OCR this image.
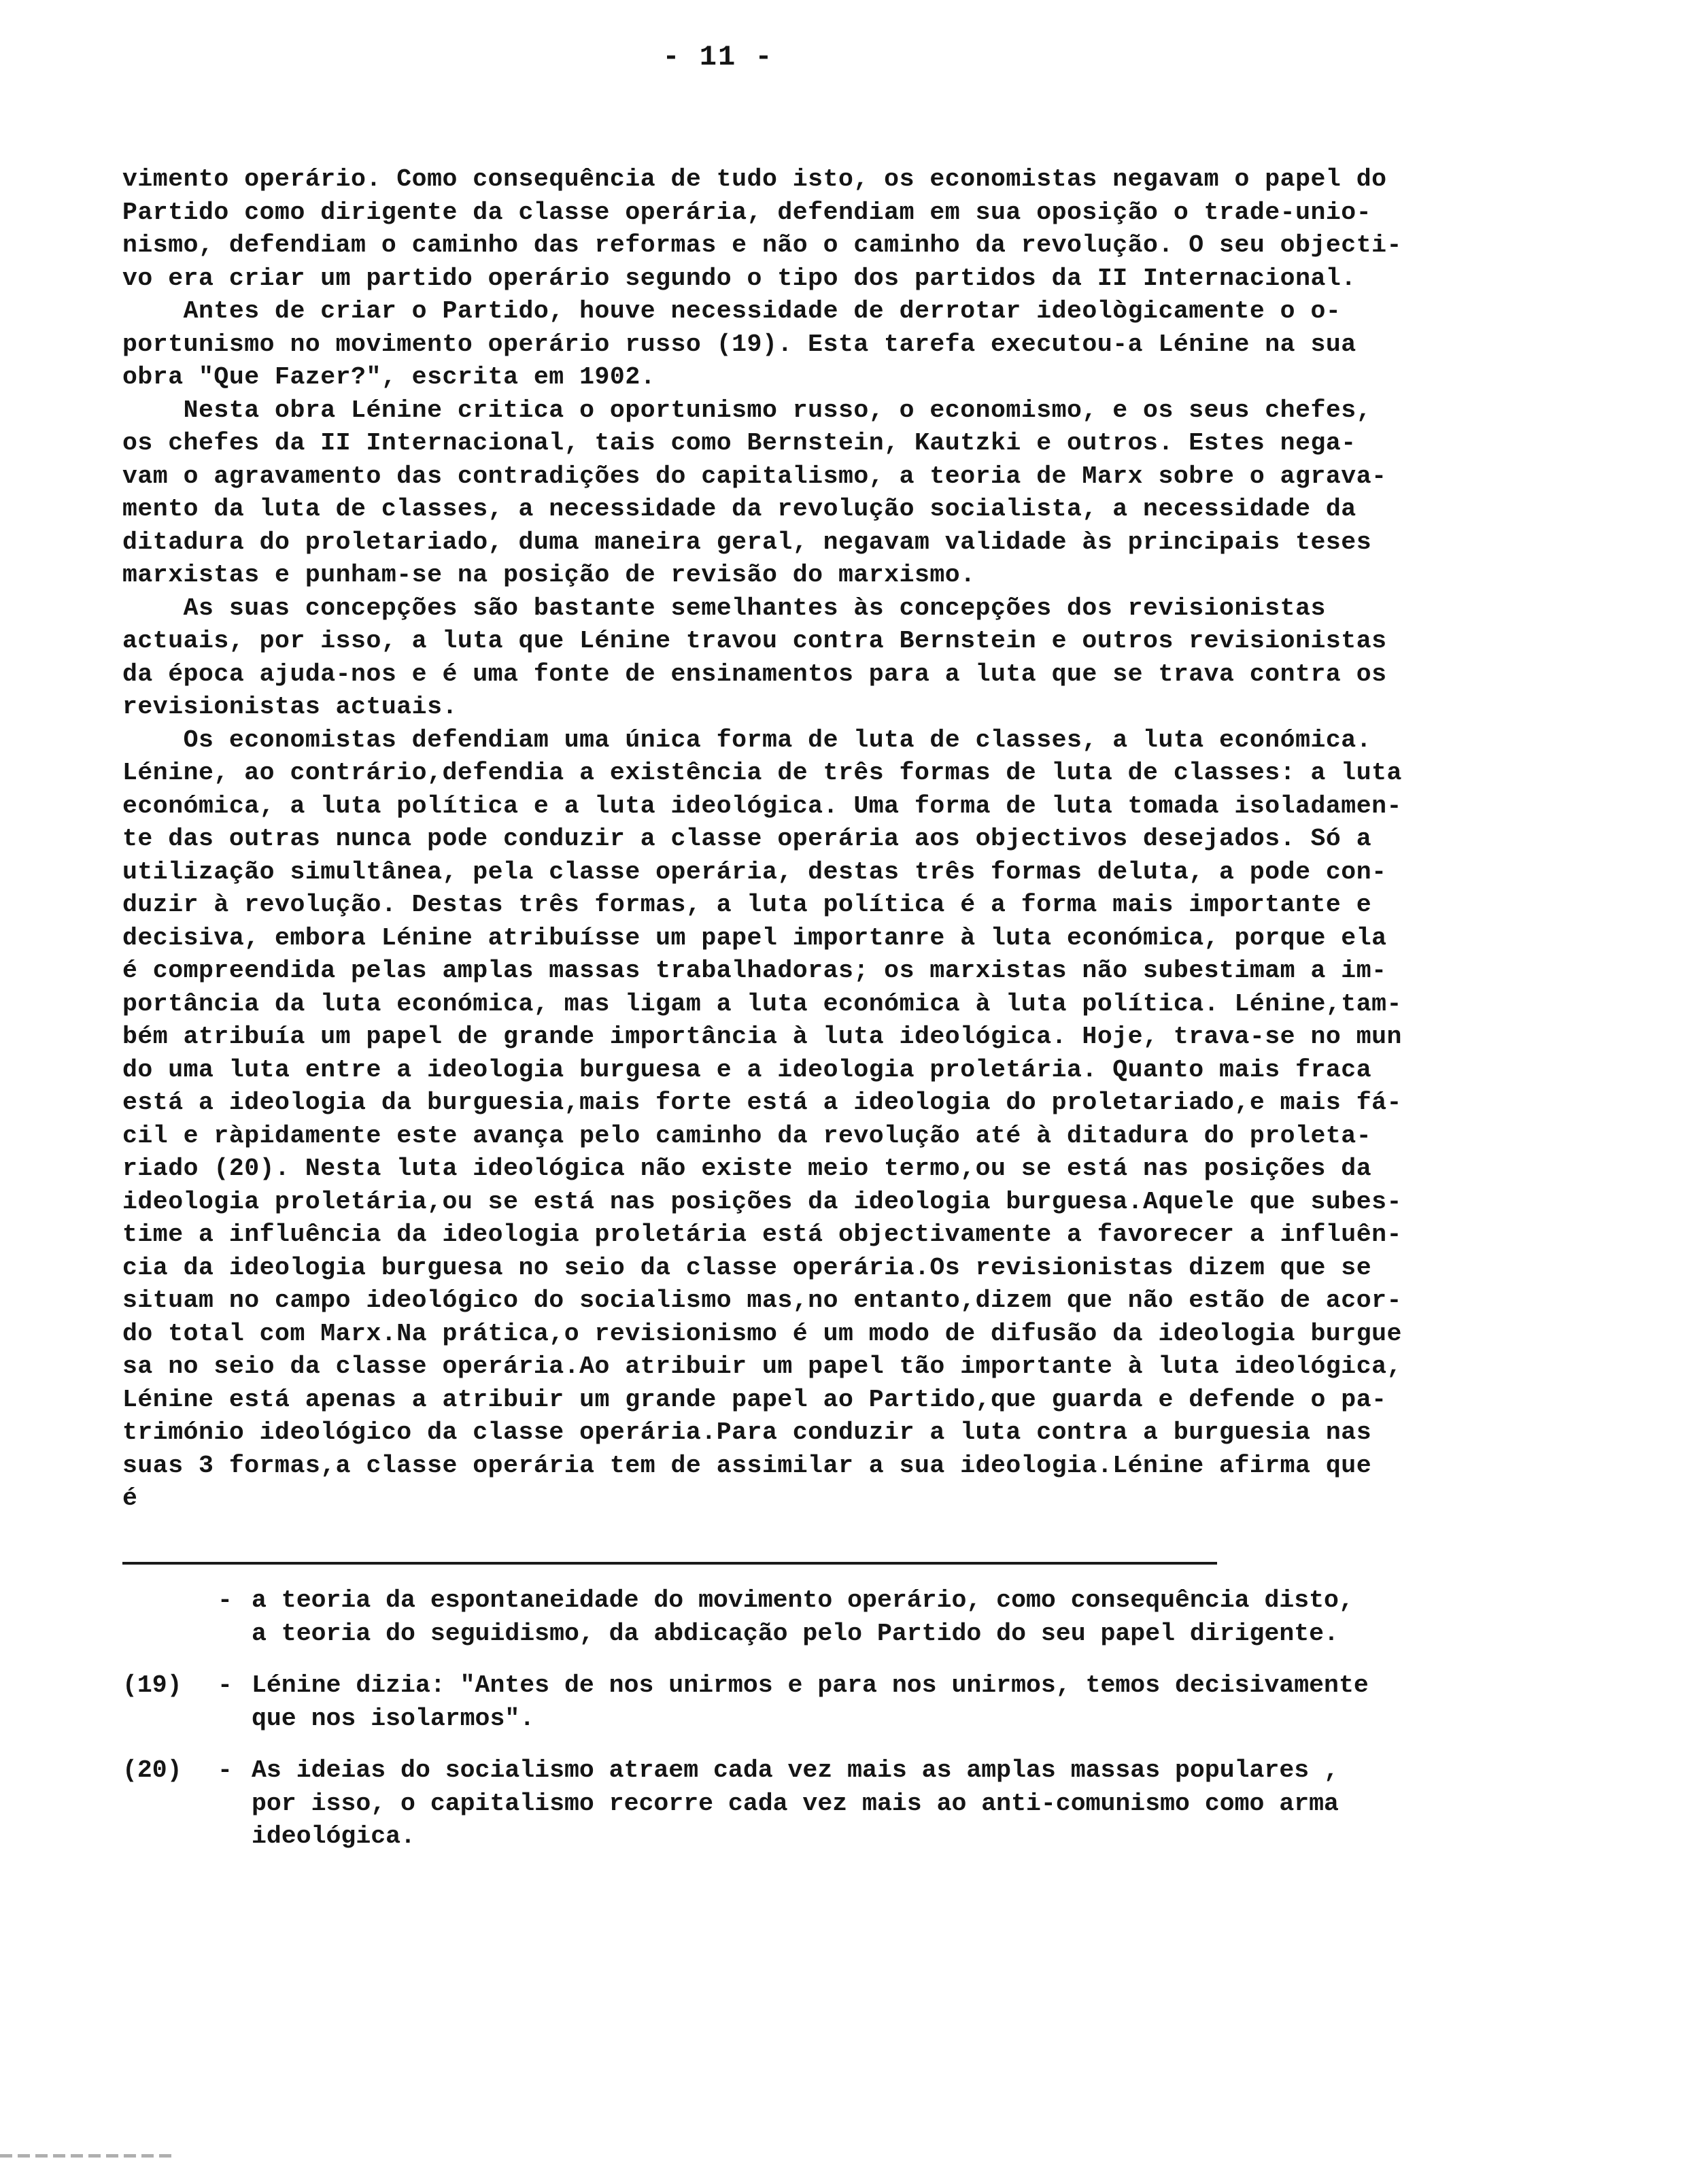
- 11 -
vimento operário. Como consequência de tudo isto, os economistas negavam o papel do
Partido como dirigente da classe operária, defendiam em sua oposição o trade-unio-
nismo, defendiam o caminho das reformas e não o caminho da revolução. O seu objecti-
vo era criar um partido operário segundo o tipo dos partidos da II Internacional.
Antes de criar o Partido, houve necessidade de derrotar ideològicamente o o-
portunismo no movimento operário russo (19). Esta tarefa executou-a Lénine na sua
obra "Que Fazer?", escrita em 1902.
Nesta obra Lénine critica o oportunismo russo, o economismo, e os seus chefes,
os chefes da II Internacional, tais como Bernstein, Kautzki e outros. Estes nega-
vam o agravamento das contradições do capitalismo, a teoria de Marx sobre o agrava-
mento da luta de classes, a necessidade da revolução socialista, a necessidade da
ditadura do proletariado, duma maneira geral, negavam validade às principais teses
marxistas e punham-se na posição de revisão do marxismo.
As suas concepções são bastante semelhantes às concepções dos revisionistas
actuais, por isso, a luta que Lénine travou contra Bernstein e outros revisionistas
da época ajuda-nos e é uma fonte de ensinamentos para a luta que se trava contra os
revisionistas actuais.
Os economistas defendiam uma única forma de luta de classes, a luta económica.
Lénine, ao contrário,defendia a existência de três formas de luta de classes: a luta
económica, a luta política e a luta ideológica. Uma forma de luta tomada isoladamen-
te das outras nunca pode conduzir a classe operária aos objectivos desejados. Só a
utilização simultânea, pela classe operária, destas três formas deluta, a pode con-
duzir à revolução. Destas três formas, a luta política é a forma mais importante e
decisiva, embora Lénine atribuísse um papel importanre à luta económica, porque ela
é compreendida pelas amplas massas trabalhadoras; os marxistas não subestimam a im-
portância da luta económica, mas ligam a luta económica à luta política. Lénine,tam-
bém atribuía um papel de grande importância à luta ideológica. Hoje, trava-se no mun
do uma luta entre a ideologia burguesa e a ideologia proletária. Quanto mais fraca
está a ideologia da burguesia,mais forte está a ideologia do proletariado,e mais fá-
cil e ràpidamente este avança pelo caminho da revolução até à ditadura do proleta-
riado (20). Nesta luta ideológica não existe meio termo,ou se está nas posições da
ideologia proletária,ou se está nas posições da ideologia burguesa.Aquele que subes-
time a influência da ideologia proletária está objectivamente a favorecer a influên-
cia da ideologia burguesa no seio da classe operária.Os revisionistas dizem que se
situam no campo ideológico do socialismo mas,no entanto,dizem que não estão de acor-
do total com Marx.Na prática,o revisionismo é um modo de difusão da ideologia burgue
sa no seio da classe operária.Ao atribuir um papel tão importante à luta ideológica,
Lénine está apenas a atribuir um grande papel ao Partido,que guarda e defende o pa-
trimónio ideológico da classe operária.Para conduzir a luta contra a burguesia nas
suas 3 formas,a classe operária tem de assimilar a sua ideologia.Lénine afirma que
é
- a teoria da espontaneidade do movimento operário, como consequência disto,
a teoria do seguidismo, da abdicação pelo Partido do seu papel dirigente.
(19)	- Lénine dizia: "Antes de nos unirmos e para nos unirmos, temos decisivamente
que nos isolarmos".
(20)	- As ideias do socialismo atraem cada vez mais as amplas massas populares ,
por isso, o capitalismo recorre cada vez mais ao anti-comunismo como arma
ideológica.
